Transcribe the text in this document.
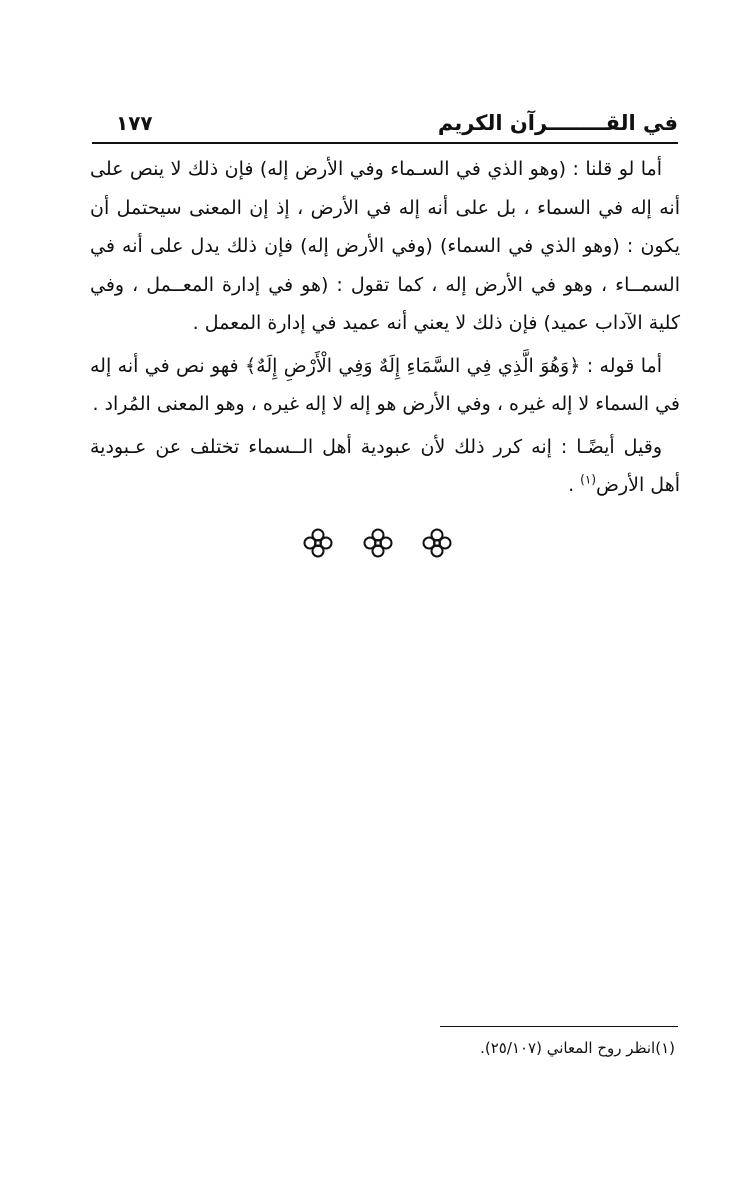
في القــــــــرآن الكريم
١٧٧

أما لو قلنا : (وهو الذي في السـماء وفي الأرض إله) فإن ذلك لا ينص على أنه إله في السماء ، بل على أنه إله في الأرض ، إذ إن المعنى سيحتمل أن يكون : (وهو الذي في السماء) (وفي الأرض إله) فإن ذلك يدل على أنه في السمــاء ، وهو في الأرض إله ، كما تقول : (هو في إدارة المعــمل ، وفي كلية الآداب عميد) فإن ذلك لا يعني أنه عميد في إدارة المعمل .

أما قوله : ﴿وَهُوَ الَّذِي فِي السَّمَاءِ إِلَهٌ وَفِي الْأَرْضِ إِلَهٌ﴾ فهو نص في أنه إله في السماء لا إله غيره ، وفي الأرض هو إله لا إله غيره ، وهو المعنى المُراد .

وقيل أيضًـا : إنه كرر ذلك لأن عبودية أهل الــسماء تختلف عن عـبودية أهل الأرض$^{(١)}$ .

(١)انظر روح المعاني (٢٥/١٠٧).
